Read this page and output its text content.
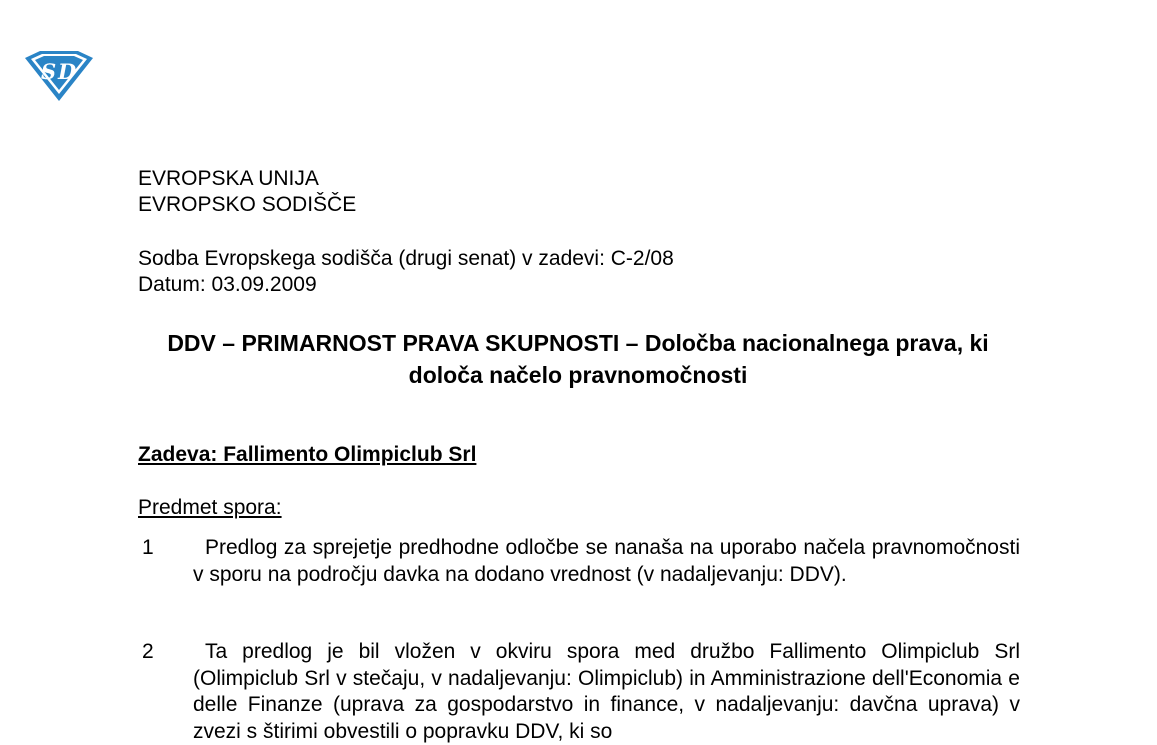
S D
EVROPSKA UNIJA
EVROPSKO SODIŠČE
Sodba Evropskega sodišča (drugi senat) v zadevi: C-2/08
Datum: 03.09.2009
DDV – PRIMARNOST PRAVA SKUPNOSTI – Določba nacionalnega prava, ki določa načelo pravnomočnosti
Zadeva: Fallimento Olimpiclub Srl
Predmet spora:
1	Predlog za sprejetje predhodne odločbe se nanaša na uporabo načela pravnomočnosti v sporu na področju davka na dodano vrednost (v nadaljevanju: DDV).
2	Ta predlog je bil vložen v okviru spora med družbo Fallimento Olimpiclub Srl (Olimpiclub Srl v stečaju, v nadaljevanju: Olimpiclub) in Amministrazione dell'Economia e delle Finanze (uprava za gospodarstvo in finance, v nadaljevanju: davčna uprava) v zvezi s štirimi obvestili o popravku DDV, ki so
